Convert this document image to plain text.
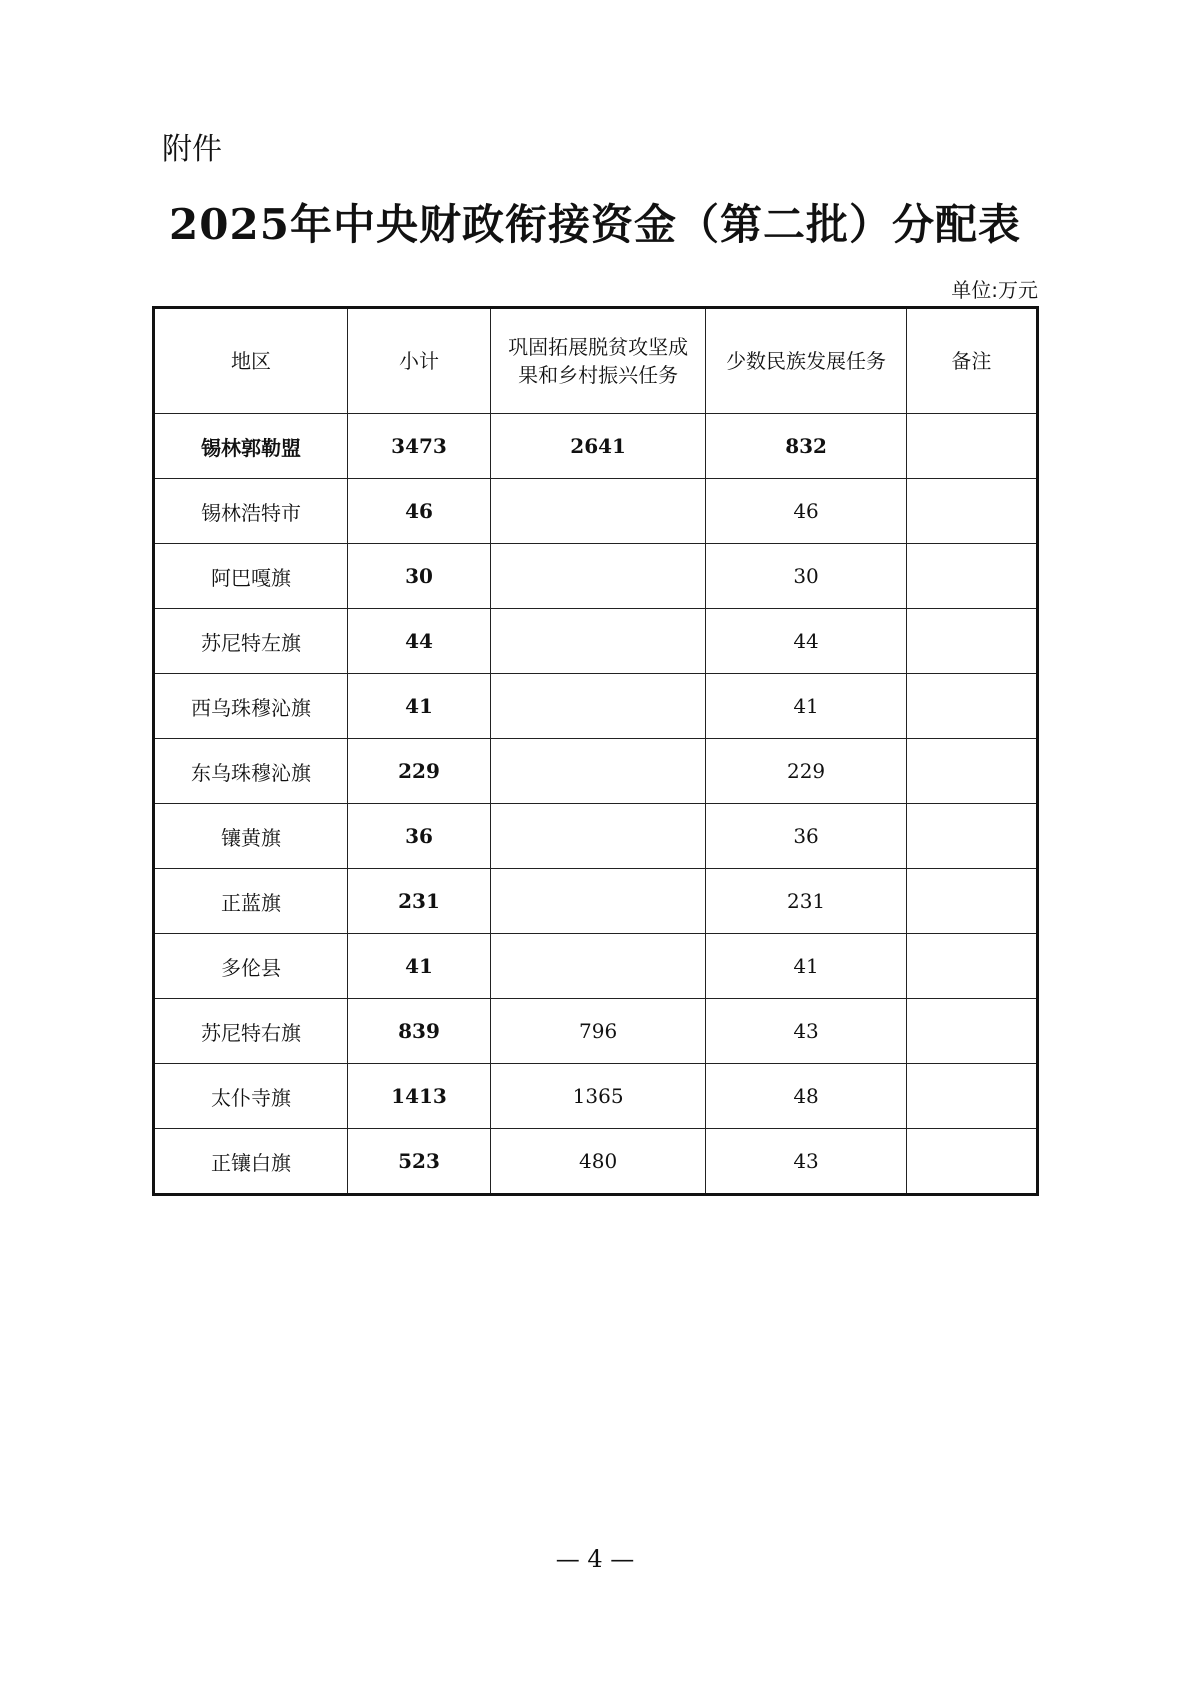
附件
2025年中央财政衔接资金（第二批）分配表
单位:万元
地区	小计	巩固拓展脱贫攻坚成果和乡村振兴任务	少数民族发展任务	备注
锡林郭勒盟	3473	2641	832	
锡林浩特市	46		46	
阿巴嘎旗	30		30	
苏尼特左旗	44		44	
西乌珠穆沁旗	41		41	
东乌珠穆沁旗	229		229	
镶黄旗	36		36	
正蓝旗	231		231	
多伦县	41		41	
苏尼特右旗	839	796	43	
太仆寺旗	1413	1365	48	
正镶白旗	523	480	43	
— 4 —
